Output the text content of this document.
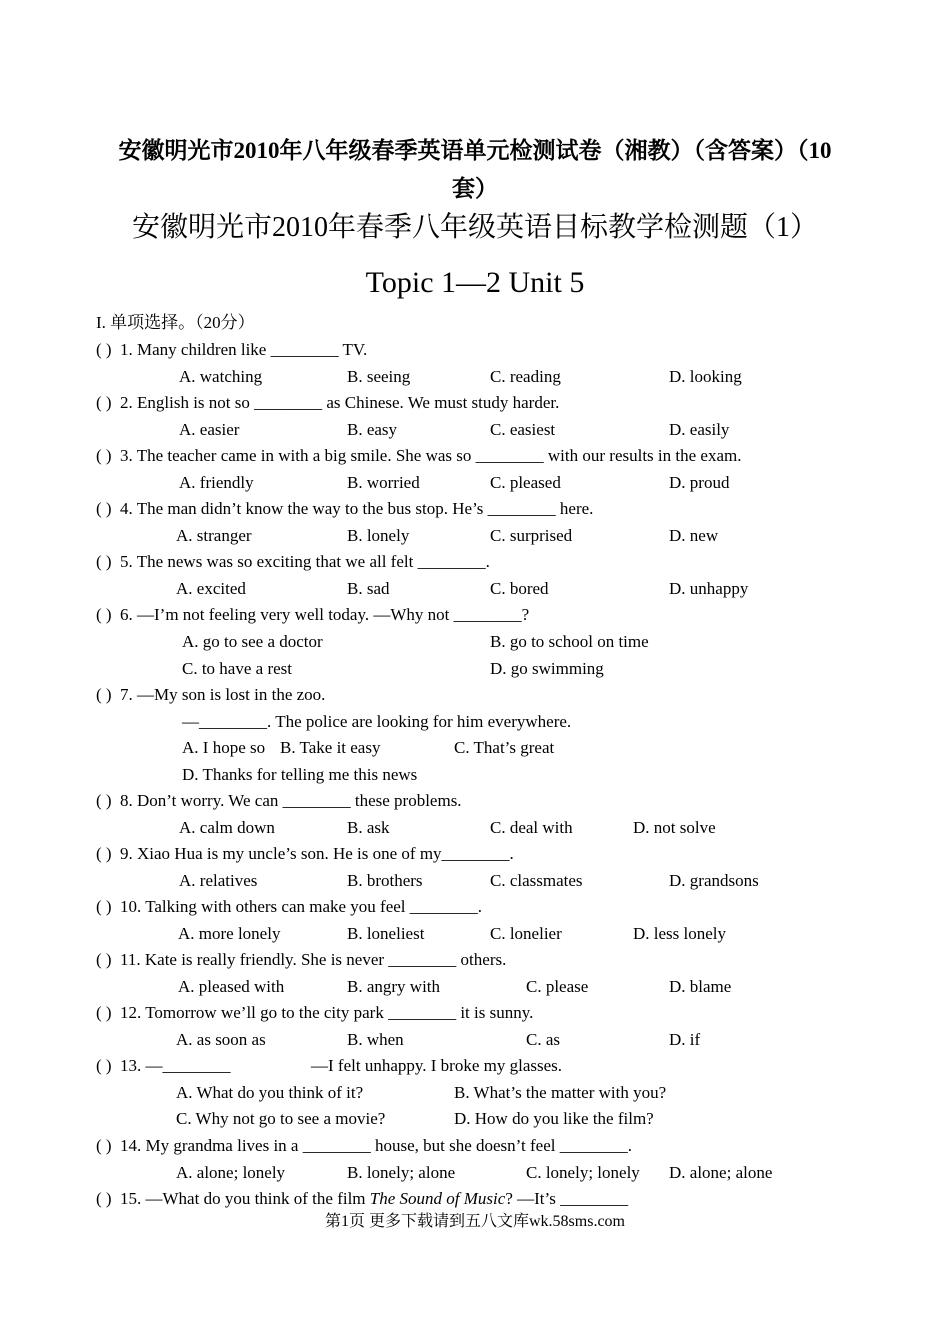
安徽明光市2010年八年级春季英语单元检测试卷（湘教）（含答案）（10
套）
安徽明光市2010年春季八年级英语目标教学检测题（1）
Topic 1—2 Unit 5
I. 单项选择。（20分）
( ) 1. Many children like ________ TV.
A. watching	B. seeing	C. reading	D. looking
( ) 2. English is not so ________ as Chinese. We must study harder.
A. easier	B. easy	C. easiest	D. easily
( ) 3. The teacher came in with a big smile. She was so ________ with our results in the exam.
A. friendly	B. worried	C. pleased	D. proud
( ) 4. The man didn’t know the way to the bus stop. He’s ________ here.
A. stranger	B. lonely	C. surprised	D. new
( ) 5. The news was so exciting that we all felt ________.
A. excited	B. sad	C. bored	D. unhappy
( ) 6. —I’m not feeling very well today. —Why not ________?
A. go to see a doctor	B. go to school on time
C. to have a rest	D. go swimming
( ) 7. —My son is lost in the zoo.
—________. The police are looking for him everywhere.
A. I hope so B. Take it easy	C. That’s great
D. Thanks for telling me this news
( ) 8. Don’t worry. We can ________ these problems.
A. calm down	B. ask	C. deal with	D. not solve
( ) 9. Xiao Hua is my uncle’s son. He is one of my________.
A. relatives	B. brothers	C. classmates	D. grandsons
( ) 10. Talking with others can make you feel ________.
A. more lonely	B. loneliest	C. lonelier	D. less lonely
( ) 11. Kate is really friendly. She is never ________ others.
A. pleased with	B. angry with	C. please	D. blame
( ) 12. Tomorrow we’ll go to the city park ________ it is sunny.
A. as soon as	B. when	C. as	D. if
( ) 13. —________	—I felt unhappy. I broke my glasses.
A. What do you think of it?	B. What’s the matter with you?
C. Why not go to see a movie?	D. How do you like the film?
( ) 14. My grandma lives in a ________ house, but she doesn’t feel ________.
A. alone; lonely	B. lonely; alone	C. lonely; lonely D. alone; alone
( ) 15. —What do you think of the film The Sound of Music? —It’s ________
第1页 更多下载请到五八文库wk.58sms.com
